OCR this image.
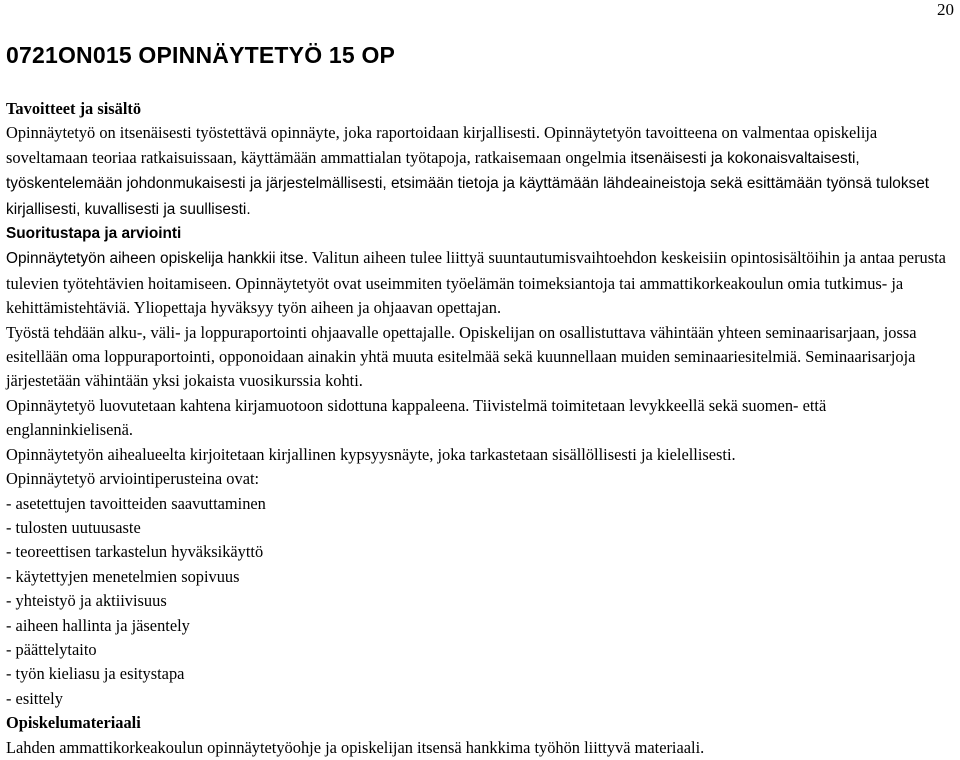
20
0721ON015 OPINNÄYTETYÖ 15 OP
Tavoitteet ja sisältö

Opinnäytetyö on itsenäisesti työstettävä opinnäyte, joka raportoidaan kirjallisesti. Opinnäytetyön tavoitteena on valmentaa opiskelija soveltamaan teoriaa ratkaisuissaan, käyttämään ammattialan työtapoja, ratkaisemaan ongelmia itsenäisesti ja kokonaisvaltaisesti, työskentelemään johdonmukaisesti ja järjestelmällisesti, etsimään tietoja ja käyttämään lähdeaineistoja sekä esittämään työnsä tulokset kirjallisesti, kuvallisesti ja suullisesti.

Suoritustapa ja arviointi

Opinnäytetyön aiheen opiskelija hankkii itse. Valitun aiheen tulee liittyä suuntautumisvaihtoehdon keskeisiin opintosisältöihin ja antaa perusta tulevien työtehtävien hoitamiseen. Opinnäytetyöt ovat useimmiten työelämän toimeksiantoja tai ammattikorkeakoulun omia tutkimus- ja kehittämistehtäviä. Yliopettaja hyväksyy työn aiheen ja ohjaavan opettajan.

Työstä tehdään alku-, väli- ja loppuraportointi ohjaavalle opettajalle. Opiskelijan on osallistuttava vähintään yhteen seminaarisarjaan, jossa esitellään oma loppuraportointi, opponoidaan ainakin yhtä muuta esitelmää sekä kuunnellaan muiden seminaariesitelmiä. Seminaarisarjoja järjestetään vähintään yksi jokaista vuosikurssia kohti.

Opinnäytetyö luovutetaan kahtena kirjamuotoon sidottuna kappaleena. Tiivistelmä toimitetaan levykkeellä sekä suomen- että englanninkielisenä.

Opinnäytetyön aihealueelta kirjoitetaan kirjallinen kypsyysnäyte, joka tarkastetaan sisällöllisesti ja kielellisesti.

Opinnäytetyö arviointiperusteina ovat:

- asetettujen tavoitteiden saavuttaminen
- tulosten uutuusaste
- teoreettisen tarkastelun hyväksikäyttö
- käytettyjen menetelmien sopivuus
- yhteistyö ja aktiivisuus
- aiheen hallinta ja jäsentely
- päättelytaito
- työn kieliasu ja esitystapa
- esittely
Opiskelumateriaali

Lahden ammattikorkeakoulun opinnäytetyöohje ja opiskelijan itsensä hankkima työhön liittyvä materiaali.
